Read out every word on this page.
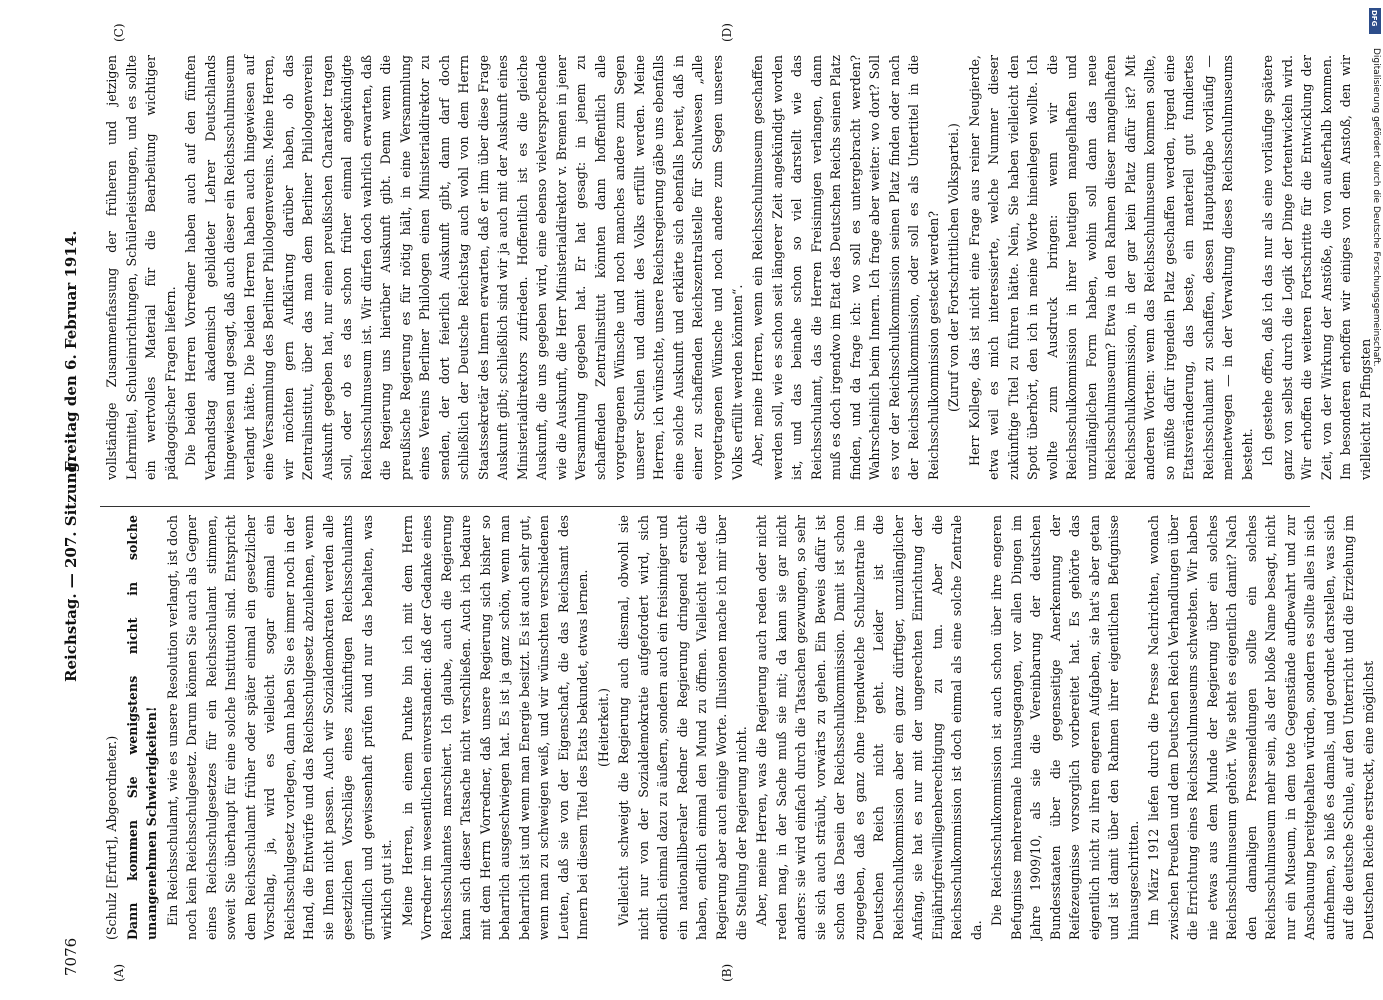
7076
Reichstag. — 207. Sitzung.
Freitag den 6. Februar 1914.
(A)	(B)
(C)	(D)

(Schulz [Erfurt], Abgeordneter.) Dann kommen Sie wenigstens nicht in solche unangenehmen Schwierigkeiten! Ein Reichsschulamt, wie es unsere Resolution verlangt, ist doch noch kein Reichsschulgesetz. Darum können Sie auch als Gegner eines Reichsschulgesetzes für ein Reichsschulamt stimmen, soweit Sie überhaupt für eine solche Institution sind. Entspricht dem Reichsschulamt früher oder später einmal ein gesetzlicher Vorschlag, ja, wird es vielleicht sogar einmal ein Reichsschulgesetz vorlegen, dann haben Sie es immer noch in der Hand, die Entwürfe und das Reichsschulgesetz abzulehnen, wenn sie Ihnen nicht passen. Auch wir Sozialdemokraten werden alle gesetzlichen Vorschläge eines zukünftigen Reichsschulamts gründlich und gewissenhaft prüfen und nur das behalten, was wirklich gut ist. Meine Herren, in einem Punkte bin ich mit dem Herrn Vorredner im wesentlichen einverstanden: daß der Gedanke eines Reichsschulamtes marschiert. Ich glaube, auch die Regierung kann sich dieser Tatsache nicht verschließen. Auch ich bedaure mit dem Herrn Vorredner, daß unsere Regierung sich bisher so beharrlich ausgeschwiegen hat. Es ist ja ganz schön, wenn man beharrlich ist und wenn man Energie besitzt. Es ist auch sehr gut, wenn man zu schweigen weiß, und wir wünschten verschiedenen Leuten, daß sie von der Eigenschaft, die das Reichsamt des Innern bei diesem Titel des Etats bekundet, etwas lernen. (Heiterkeit.) Vielleicht schweigt die Regierung auch diesmal, obwohl sie nicht nur von der Sozialdemokratie aufgefordert wird, sich endlich einmal dazu zu äußern, sondern auch ein freisinniger und ein nationalliberaler Redner die Regierung dringend ersucht haben, endlich einmal den Mund zu öffnen. Vielleicht redet die Regierung aber auch einige Worte. Illusionen mache ich mir über die Stellung der Regierung nicht. Aber, meine Herren, was die Regierung auch reden oder nicht reden mag, in der Sache muß sie mit; da kann sie gar nicht anders: sie wird einfach durch die Tatsachen gezwungen, so sehr sie sich auch sträubt, vorwärts zu gehen. Ein Beweis dafür ist schon das Dasein der Reichsschulkommission. Damit ist schon zugegeben, daß es ganz ohne irgendwelche Schulzentrale im Deutschen Reich nicht geht. Leider ist die Reichsschulkommission aber ein ganz dürftiger, unzulänglicher Anfang, sie hat es nur mit der ungerechten Einrichtung der Einjährigfreiwilligenberechtigung zu tun. Aber die Reichsschulkommission ist doch einmal als eine solche Zentrale da.

Die Reichsschulkommission ist auch schon über ihre engeren Befugnisse mehreremale hinausgegangen, vor allen Dingen im Jahre 1909/10, als sie die Vereinbarung der deutschen Bundesstaaten über die gegenseitige Anerkennung der Reifezeugnisse vorsorglich vorbereitet hat. Es gehörte das eigentlich nicht zu ihren engeren Aufgaben, sie hat's aber getan und ist damit über den Rahmen ihrer eigentlichen Befugnisse hinausgeschritten. Im März 1912 liefen durch die Presse Nachrichten, wonach zwischen Preußen und dem Deutschen Reich Verhandlungen über die Errichtung eines Reichsschulmuseums schwebten. Wir haben nie etwas aus dem Munde der Regierung über ein solches Reichsschulmuseum gehört. Wie steht es eigentlich damit? Nach den damaligen Pressemeldungen sollte ein solches Reichsschulmuseum mehr sein, als der bloße Name besagt, nicht nur ein Museum, in dem tote Gegenstände aufbewahrt und zur Anschauung bereitgehalten würden, sondern es sollte alles in sich aufnehmen, so hieß es damals, und geordnet darstellen, was sich auf die deutsche Schule, auf den Unterricht und die Erziehung im Deutschen Reiche erstreckt, eine möglichst

vollständige Zusammenfassung der früheren und jetzigen Lehrmittel, Schuleinrichtungen, Schülerleistungen, und es sollte ein wertvolles Material für die Bearbeitung wichtiger pädagogischer Fragen liefern. Die beiden Herren Vorredner haben auch auf den fünften Verbandstag akademisch gebildeter Lehrer Deutschlands hingewiesen und gesagt, daß auch dieser ein Reichsschulmuseum verlangt hätte. Die beiden Herren haben auch hingewiesen auf eine Versammlung des Berliner Philologenvereins. Meine Herren, wir möchten gern Aufklärung darüber haben, ob das Zentralinstitut, über das man dem Berliner Philologenverein Auskunft gegeben hat, nur einen preußischen Charakter tragen soll, oder ob es das schon früher einmal angekündigte Reichsschulmuseum ist. Wir dürfen doch wahrlich erwarten, daß die Regierung uns hierüber Auskunft gibt. Denn wenn die preußische Regierung es für nötig hält, in eine Versammlung eines Vereins Berliner Philologen einen Ministerialdirektor zu senden, der dort feierlich Auskunft gibt, dann darf doch schließlich der Deutsche Reichstag auch wohl von dem Herrn Staatssekretär des Innern erwarten, daß er ihm über diese Frage Auskunft gibt; schließlich sind wir ja auch mit der Auskunft eines Ministerialdirektors zufrieden. Hoffentlich ist es die gleiche Auskunft, die uns gegeben wird, eine ebenso vielversprechende wie die Auskunft, die Herr Ministerialdirektor v. Bremen in jener Versammlung gegeben hat. Er hat gesagt: in jenem zu schaffenden Zentralinstitut könnten dann hoffentlich alle vorgetragenen Wünsche und noch manches andere zum Segen unserer Schulen und damit des Volks erfüllt werden. Meine Herren, ich wünschte, unsere Reichsregierung gäbe uns ebenfalls eine solche Auskunft und erklärte sich ebenfalls bereit, daß in einer zu schaffenden Reichszentralstelle für Schulwesen „alle vorgetragenen Wünsche und noch andere zum Segen unseres Volks erfüllt werden könnten“. Aber, meine Herren, wenn ein Reichsschulmuseum geschaffen werden soll, wie es schon seit längerer Zeit angekündigt worden ist, und das beinahe schon so viel darstellt wie das Reichsschulamt, das die Herren Freisinnigen verlangen, dann muß es doch irgendwo im Etat des Deutschen Reichs seinen Platz finden, und da frage ich: wo soll es untergebracht werden? Wahrscheinlich beim Innern. Ich frage aber weiter: wo dort? Soll es vor der Reichsschulkommission seinen Platz finden oder nach der Reichsschulkommission, oder soll es als Untertitel in die Reichsschulkommission gesteckt werden? (Zuruf von der Fortschrittlichen Volkspartei.) Herr Kollege, das ist nicht eine Frage aus reiner Neugierde, etwa weil es mich interessierte, welche Nummer dieser zukünftige Titel zu führen hätte. Nein, Sie haben vielleicht den Spott überhört, den ich in meine Worte hineinlegen wollte. Ich wollte zum Ausdruck bringen: wenn wir die Reichsschulkommission in ihrer heutigen mangelhaften und unzulänglichen Form haben, wohin soll dann das neue Reichsschulmuseum? Etwa in den Rahmen dieser mangelhaften Reichsschulkommission, in der gar kein Platz dafür ist? Mit anderen Worten: wenn das Reichsschulmuseum kommen sollte, so müßte dafür irgendein Platz geschaffen werden, irgend eine Etatsveränderung, das beste, ein materiell gut fundiertes Reichsschulamt zu schaffen, dessen Hauptaufgabe vorläufig — meinetwegen — in der Verwaltung dieses Reichsschulmuseums besteht. Ich gestehe offen, daß ich das nur als eine vorläufige spätere ganz von selbst durch die Logik der Dinge fortentwickeln wird. Wir erhoffen die weiteren Fortschritte für die Entwicklung der Zeit, von der Wirkung der Anstöße, die von außerhalb kommen. Im besonderen erhoffen wir einiges von dem Anstoß, den wir vielleicht zu Pfingsten

DFG
Digitalisierung gefördert durch die Deutsche Forschungsgemeinschaft.
